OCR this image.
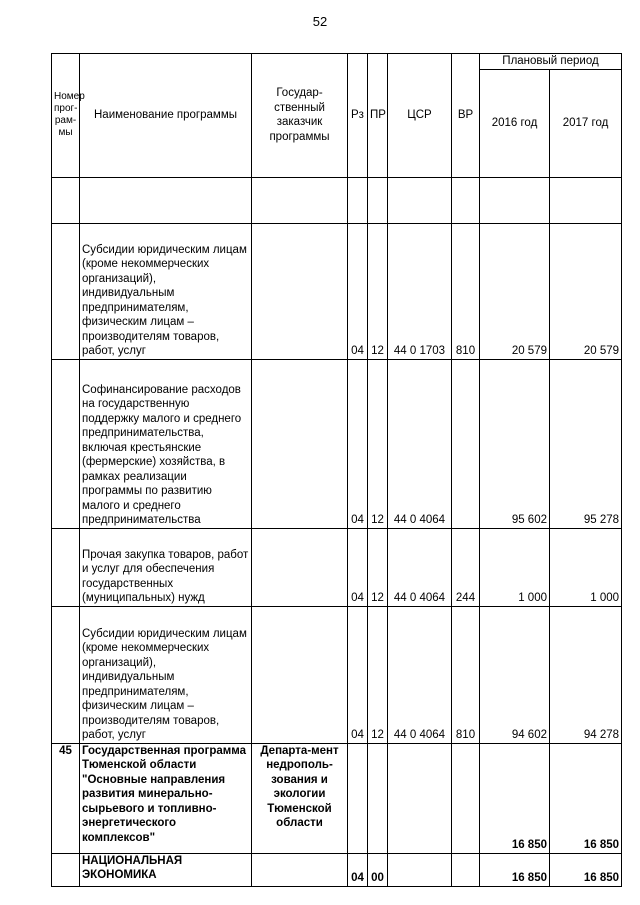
52
Номер прог-рам-мы	Наименование программы	Государ-ственный заказчик программы	Рз	ПР	ЦСР	ВР	Плановый период	
							2016 год	2017 год

	Субсидии юридическим лицам (кроме некоммерческих организаций), индивидуальным предпринимателям, физическим лицам – производителям товаров, работ, услуг		04	12	44 0 1703	810	20 579	20 579
	Софинансирование расходов на государственную поддержку малого и среднего предпринимательства, включая крестьянские (фермерские) хозяйства, в рамках реализации программы по развитию малого и среднего предпринимательства		04	12	44 0 4064		95 602	95 278
	Прочая закупка товаров, работ и услуг для обеспечения государственных (муниципальных) нужд		04	12	44 0 4064	244	1 000	1 000
	Субсидии юридическим лицам (кроме некоммерческих организаций), индивидуальным предпринимателям, физическим лицам – производителям товаров, работ, услуг		04	12	44 0 4064	810	94 602	94 278
45	Государственная программа Тюменской области "Основные направления развития минерально-сырьевого и топливно-энергетического комплексов"	Департа-мент недрополь-зования и экологии Тюменской области					16 850	16 850
	НАЦИОНАЛЬНАЯ ЭКОНОМИКА		04	00			16 850	16 850
